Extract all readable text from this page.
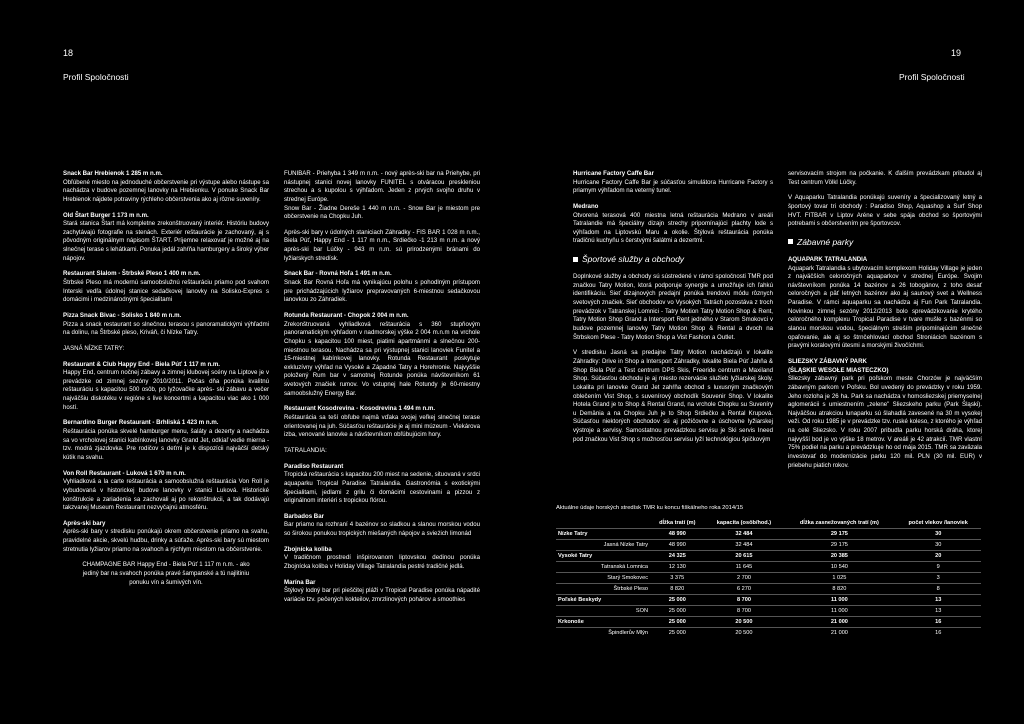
18	19
Profil Spoločnosti	Profil Spoločnosti

Snack Bar Hrebienok 1 285 m n.m.
Obľúbené miesto na jednoduché občerstvenie pri výstupe alebo nástupe sa nachádza v budove pozemnej lanovky na Hrebienku. V ponuke Snack Bar Hrebienok nájdete potraviny rýchleho občerstvenia ako aj rôzne suveníry.

Old Štart Burger 1 173 m n.m.
Stará stanica Štart má kompletne zrekonštruovaný interiér. Históriu budovy zachytávajú fotografie na stenách. Exteriér reštaurácie je zachovaný, aj s pôvodným originálnym nápisom ŠTART. Príjemne relaxovať je možné aj na slnečnej terase s lehátkami. Ponuka jedál zahŕňa hamburgery a široký výber nápojov.

Restaurant Slalom - Štrbské Pleso 1 400 m n.m.
Štrbské Pleso má modernú samoobslužnú reštauráciu priamo pod svahom Interski vedľa údolnej stanice sedačkovej lanovky na Solisko-Expres s domácimi i medzinárodnými špecialitami

Pizza Snack Bivac - Solisko 1 840 m n.m.
Pizza a snack restaurant so slnečnou terasou s panoramatickými výhľadmi na dolinu, na Štrbské pleso, Kriváň, či Nízke Tatry.

JASNÁ NÍZKE TATRY:

Restaurant & Club Happy End - Biela Púť 1 117 m n.m.
Happy End, centrum nočnej zábavy a zimnej klubovej scény na Liptove je v prevádzke od zimnej sezóny 2010/2011. Počas dňa ponúka kvalitnú reštauráciu s kapacitou 500 osôb, po lyžovačke après- ski zábavu a večer najväčšiu diskotéku v regióne s live koncertmi a kapacitou viac ako 1 000 hostí.

Bernardino Burger Restaurant - Brhliská 1 423 m n.m.
Reštaurácia ponúka skvelé hamburger menu, šaláty a dezerty a nachádza sa vo vrcholovej stanici kabínkovej lanovky Grand Jet, odkiaľ vedie mierna - tzv. modrá zjazdovka. Pre rodičov s deťmi je k dispozícii najväčší detský kútik na svahu.

Von Roll Restaurant - Luková 1 670 m n.m.
Vyhliadková a la carte reštaurácia a samoobslužná reštaurácia Von Roll je vybudovaná v historickej budove lanovky v stanici Luková. Historické konštrukcie a zariadenia sa zachovali aj po rekonštrukcii, a tak dodávajú takzvanej Museum Restaurant nezvyčajnú atmosféru.

Après-ski bary
Après-ski bary v stredisku ponúkajú okrem občerstvenie priamo na svahu, pravidelné akcie, skvelú hudbu, drinky a súťaže. Après-ski bary sú miestom stretnutia lyžiarov priamo na svahoch a rýchlym miestom na občerstvenie.

CHAMPAGNE BAR Happy End - Biela Púť 1 117 m n.m. - ako jediný bar na svahoch ponúka pravé šampanské a tú najlitiniu ponuku vín a šumivých vín.

FUNIBAR - Priehyba 1 349 m n.m. - nový après-ski bar na Priehybe, pri nástupnej stanici novej lanovky FUNITEL s otváracou preskleniou strechou a s kupolou s výhľadom. Jeden z prvých svojho druhu v strednej Európe.
Snow Bar - Žiadne Dereše 1 440 m n.m. - Snow Bar je miestom pre občerstvenie na Chopku Juh.

Après-ski bary v údolných staniciach Záhradky - FIS BAR 1 028 m n.m., Biela Púť, Happy End - 1 117 m n.m., Srdiečko -1 213 m n.m. a nový après-ski bar Lúčky - 943 m n.m. sú prirodzenými bránami do lyžiarskych stredísk.

Snack Bar - Rovná Hoľa 1 491 m n.m.
Snack Bar Rovná Hoľa má vynikajúcu polohu s pohodlným prístupom pre prichádzajúcich lyžiarov prepravovaných 6-miestnou sedačkovou lanovkou zo Záhradiek.

Rotunda Restaurant - Chopok 2 004 m n.m.
Zrekonštruovaná vyhliadková reštaurácia s 360 stupňovým panoramatickým výhľadom v nadmorskej výške 2 004 m.n.m na vrchole Chopku s kapacitou 100 miest, piatimi apartmánmi a slnečnou 200- miestnou terasou. Nachádza sa pri výstupnej stanici lanoviek Funitel a 15-miestnej kabínkovej lanovky. Rotunda Restaurant poskytuje exkluzívny výhľad na Vysoké a Západné Tatry a Horehronie. Najvyššie položený Rum bar v samotnej Rotunde ponúka návštevníkom 61 svetových značiek rumov. Vo vstupnej hale Rotundy je 60-miestny samoobslužný Energy Bar.

Restaurant Kosodrevina - Kosodrevina 1 494 m n.m.
Reštaurácia sa teší obľube najmä vďaka svojej veľkej slnečnej terase orientovanej na juh. Súčasťou reštaurácie je aj mini múzeum - Viekárova izba, venované lanovke a návštevníkom obľúbujúcim hory.

TATRALANDIA:

Paradiso Restaurant
Tropická reštaurácia s kapacitou 200 miest na sedenie, situovaná v srdci aquaparku Tropical Paradise Tatralandia. Gastronómia s exotickými špecialitami, jedlami z grilu či domácimi cestovinami a pizzou z originálnom interiéri s tropickou flórou.

Barbados Bar
Bar priamo na rozhraní 4 bazénov so sladkou a slanou morskou vodou so širokou ponukou tropických miešaných nápojov a svieżich limonád

Zbojnícka koliba
V tradičnom prostredí inšpirovanom liptovskou dedinou ponúka Zbojnícka koliba v Holiday Village Tatralandia pestré tradičné jedlá.

Marína Bar
Štýlový lodný bar pri pieščitej pláži v Tropical Paradise ponúka nápadité variácie tzv. pečených kokteilov, zmrzlinových pohárov a smoothies

Hurricane Factory Caffe Bar
Hurricane Factory Caffe Bar je súčasťou simulátora Hurricane Factory s priamym výhľadom na veterný tunel.

Medrano
Otvorená terasová 400 miestna letná reštaurácia Medrano v areáli Tatralandie má špeciálny dizajn strechy pripomínajúci plachty lode s výhľadom na Liptovskú Maru a okolie. Štýlová reštaurácia ponúka tradičnú kuchyňu s čerstvými šalátmi a dezertmi.

Športové služby a obchody

Doplnkové služby a obchody sú sústredené v rámci spoločnosti TMR pod značkou Tatry Motion, ktorá podporuje synergie a umožňuje ich ľahkú identifikáciu. Sieť dizajnových predajní ponúka trendovú módu rôznych svetových značiek. Sieť obchodov vo Vysokých Tatrách pozostáva z troch prevádzok v Tatranskej Lomnici - Tatry Motion Tatry Motion Shop & Rent, Tatry Motion Shop Grand a Intersport Rent jedného v Starom Smokovci v budove pozemnej lanovky Tatry Motion Shop & Rental a dvoch na Štrbskom Plese - Tatry Motion Shop a Vist Fashion a Outlet.

V stredisku Jasná sa predajne Tatry Motion nachádzajú v lokalite Záhradky: Drive in Shop a Intersport Záhradky, lokalite Biela Púť Jahňa & Shop Biela Púť a Test centrum DPS Skis, Freeride centrum a Maxiland Shop. Súčasťou obchodu je aj miesto rezervácie služieb lyžiarskej školy. Lokalita pri lanovke Grand Jet zahŕňa obchod s luxusným značkovým oblečením Vist Shop, s suvenírový obchodík Souvenir Shop. V lokalite Hotela Grand je to Shop & Rental Grand, na vrchole Chopku su Suveníry u Demänia a na Chopku Juh je to Shop Srdiečko a Rental Krupová. Súčasťou niektorých obchodov sú aj požičovne a úschovne lyžiarskej výstroje a servisy. Samostatnou prevádzkou servisu je Ski servis Ineed pod značkou Vist Shop s možnosťou servisu lyží technológiou špičkovým

servisovacím strojom na počkanie. K ďalším prevádzkam pribudol aj Test centrum Völkl Lúčky.

V Aquaparku Tatralandia ponúkajú suveníry a špecializovaný letný a športový tovar tri obchody : Paradiso Shop, Aquashop a Surf Shop HVT. FITBAR v Liptov Aréne v sebe spája obchod so športovými potrebami s občerstvením pre športovcov.

Zábavné parky

AQUAPARK TATRALANDIA
Aquapark Tatralandia s ubytovacím komplexom Holiday Village je jeden z najväčších celoročných aquaparkov v strednej Európe. Svojim návštevníkom ponúka 14 bazénov a 26 tobogánov, z toho desať celoročných a päť letných bazénov ako aj saunový svet a Wellness Paradise. V rámci aquaparku sa nachádza aj Fun Park Tatralandia. Novinkou zimnej sezóny 2012/2013 bolo sprevádzkovanie krytého celoročného komplexu Tropical Paradise v tvare mušle s bazénmi so slanou morskou vodou, špeciálnym streším pripomínajúcim slnečné opaľovanie, ale aj so štrnčehlovací obchod Stroniácich bazénom s pravými koralovými útesmi a morskými živočíchmi.

SLIEZSKY ZÁBAVNÝ PARK
(ŚLĄSKIE WESOŁE MIASTECZKO)
Sliezsky zábavný park pri poľskom meste Chorzów je najväčším zábavným parkom v Poľsku. Bol uvedený do prevádzky v roku 1959. Jeho rozloha je 26 ha. Park sa nachádza v homosliezskej priemyselnej aglomerácii s umiestnením „zelene" Sliezskeho parku (Park Śląski). Najväčšou atrakciou lunaparku sú šlahadlá zavesené na 30 m vysokej veži. Od roku 1985 je v prevádzke tzv. ruské koleso, z ktorého je výhľad na celé Sliezsko. V roku 2007 pribudla parku horská dráha, ktorej najvyšší bod je vo výške 18 metrov. V areáli je 42 atrakcií. TMR vlastní 75% podiel na parku a prevádzkuje ho od mája 2015. TMR sa zaväzala investovať do modernizácie parku 120 mil. PLN (30 mil. EUR) v priebehu piatich rokov.

Aktuálne údaje horských stredísk TMR ku koncu fiškálneho roka 2014/15
	dĺžka tratí (m)	kapacita (osôb/hod.)	dĺžka zasnežovaných tratí (m)	počet vlekov /lanoviek
Nízke Tatry	48 990	32 484	29 175	30
Jasná Nízke Tatry	48 990	32 484	29 175	30
Vysoké Tatry	24 325	20 615	20 385	20
Tatranská Lomnica	12 130	11 645	10 540	9
Starý Smokovec	3 375	2 700	1 025	3
Štrbské Pleso	8 820	6 270	8 820	8
Poľské Beskydy	25 000	8 700	11 000	13
SON	25 000	8 700	11 000	13
Krkonoše	25 000	20 500	21 000	16
Špindlerův Mlýn	25 000	20 500	21 000	16
